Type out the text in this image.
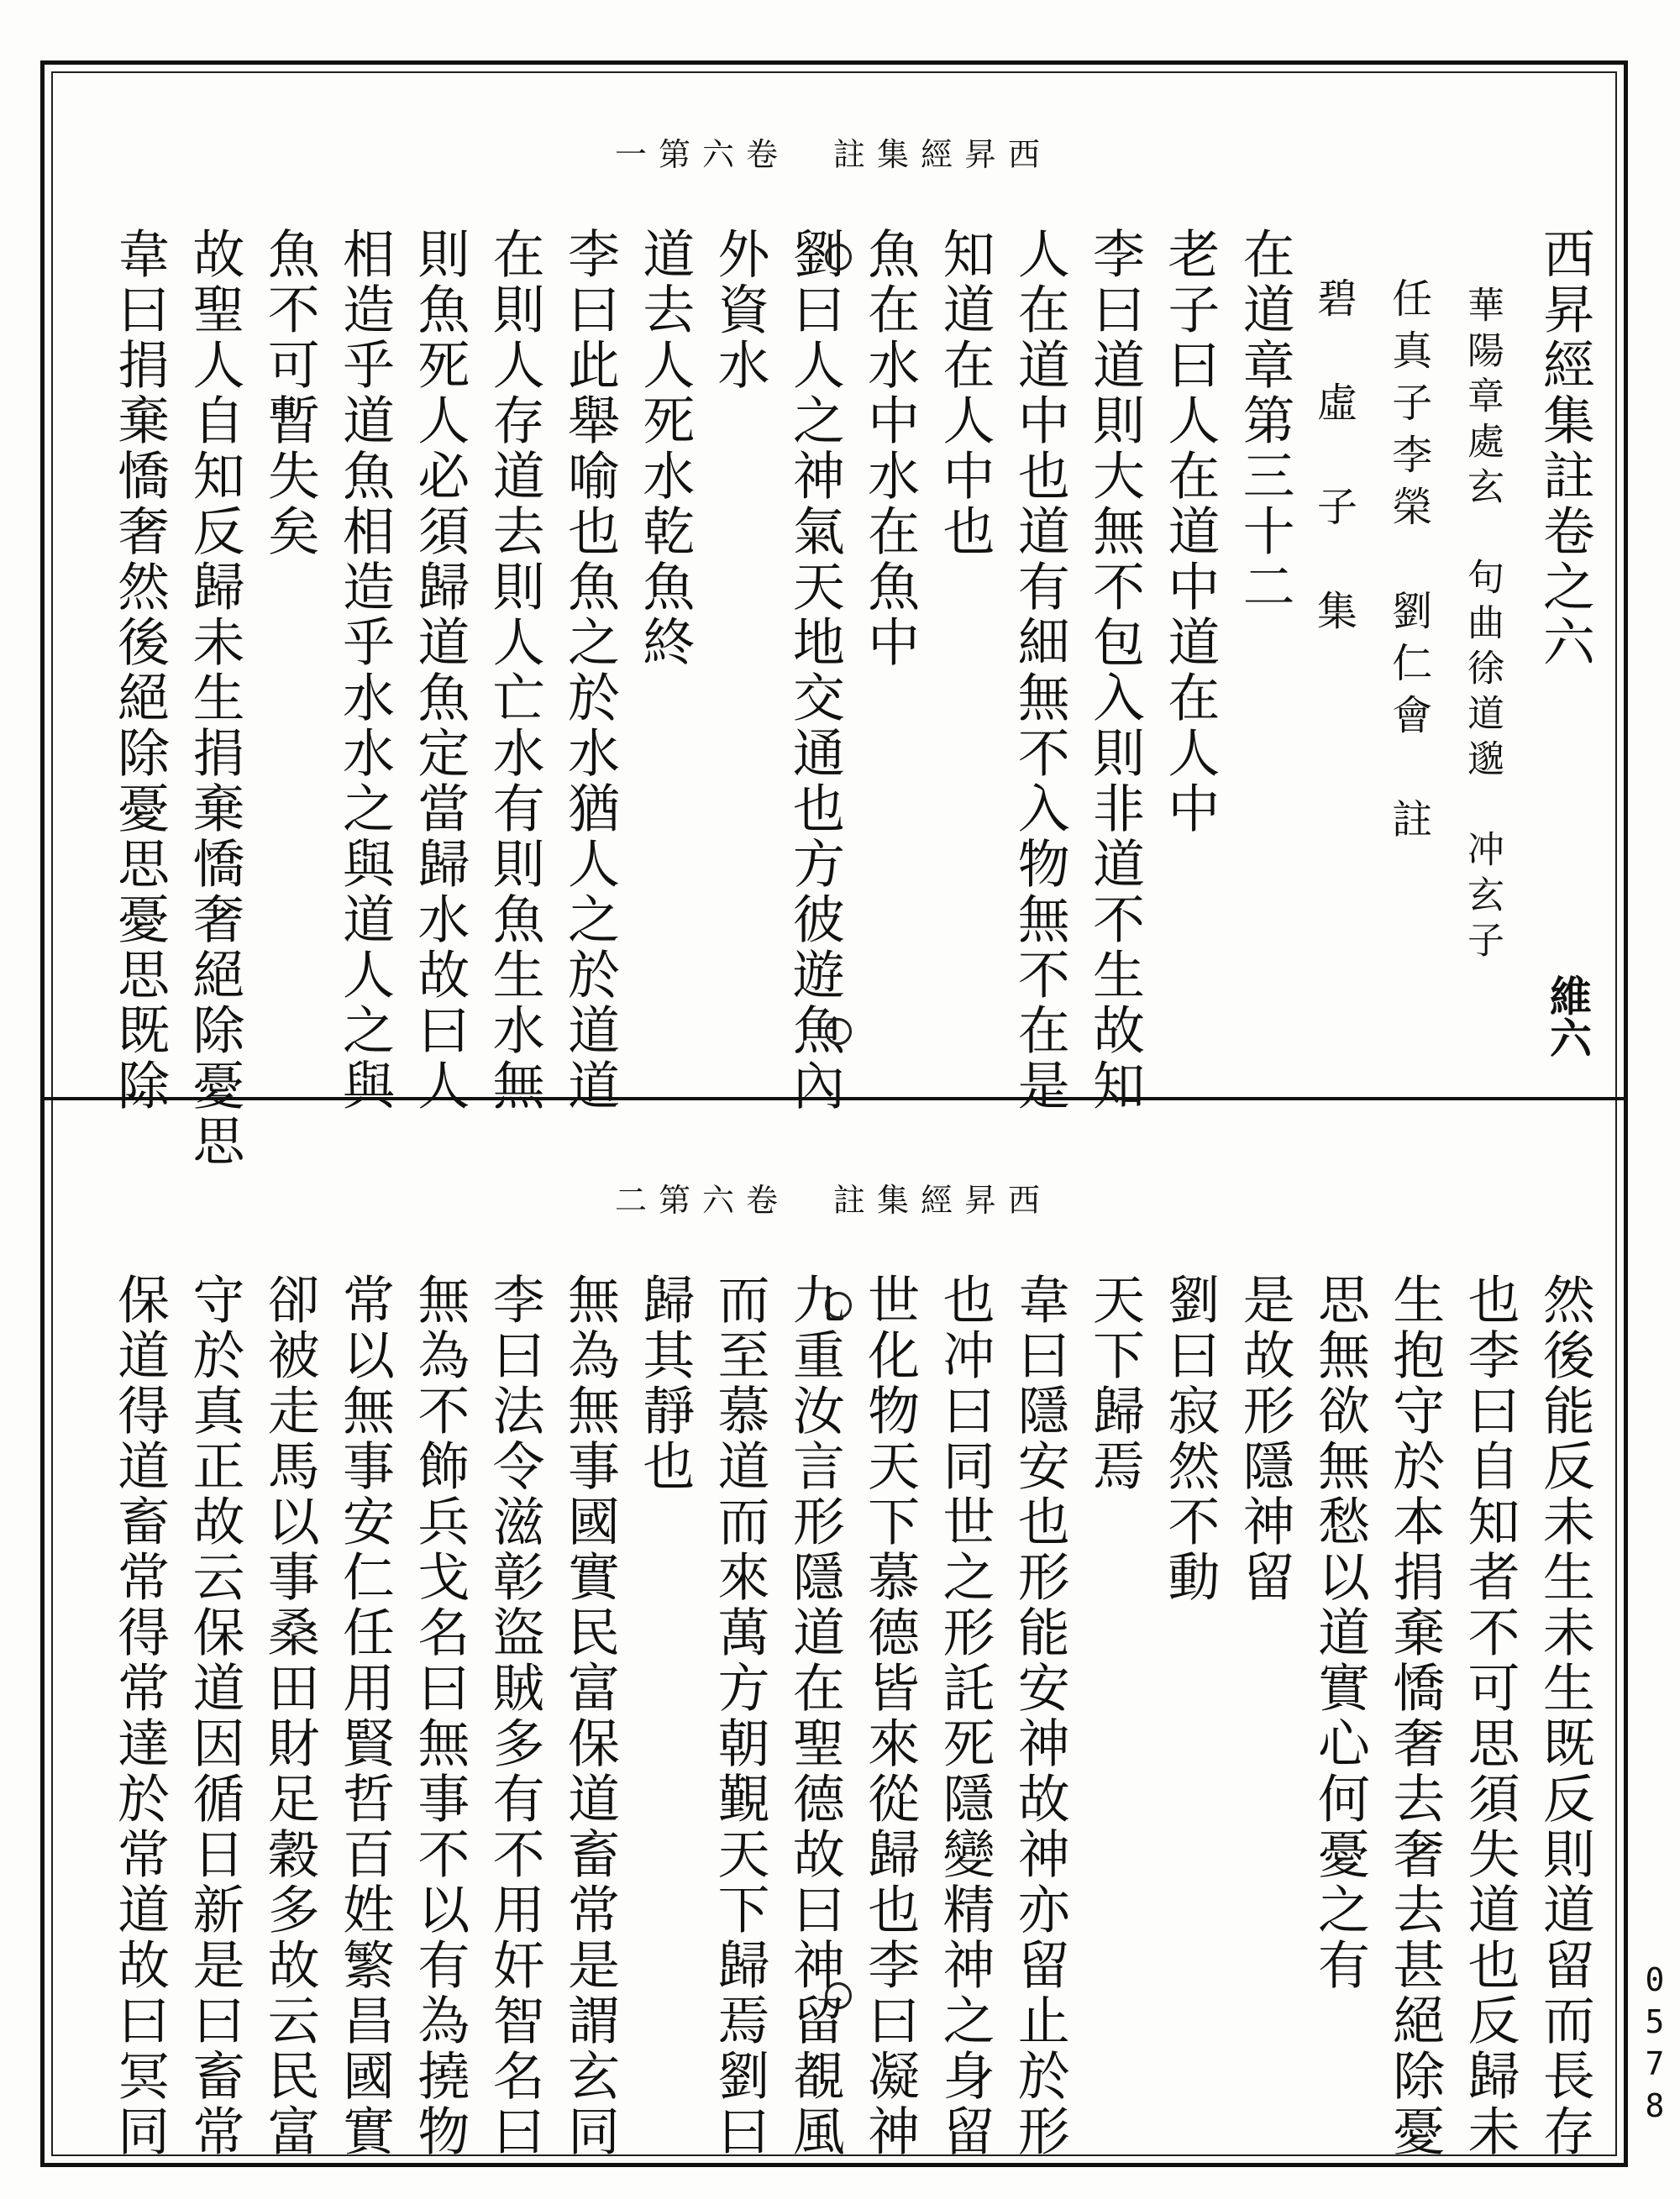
維六
西昇經集註　卷六第一
西昇經集註卷之六
華陽章處玄　句曲徐道邈　冲玄子
任真子李榮　劉仁會　註
碧　虛　子　集
在道章第三十二
老子曰人在道中道在人中
李曰道則大無不包入則非道不生故知
人在道中也道有細無不入物無不在是
知道在人中也
魚在水中水在魚中
劉曰人之神氣天地交通也方彼遊魚內
外資水
道去人死水乾魚終
李曰此舉喻也魚之於水猶人之於道道
在則人存道去則人亡水有則魚生水無
則魚死人必須歸道魚定當歸水故曰人
相造乎道魚相造乎水水之與道人之與
魚不可暫失矣
故聖人自知反歸未生捐棄憍奢絕除憂思
韋曰捐棄憍奢然後絕除憂思憂思既除
西昇經集註　卷六第二
然後能反未生未生既反則道留而長存
也李曰自知者不可思須失道也反歸未
生抱守於本捐棄憍奢去奢去甚絕除憂
思無欲無愁以道實心何憂之有
是故形隱神留
劉曰寂然不動
天下歸焉
韋曰隱安也形能安神故神亦留止於形
也冲曰同世之形託死隱變精神之身留
世化物天下慕德皆來從歸也李曰凝神
九重汝言形隱道在聖德故曰神留覩風
而至慕道而來萬方朝覲天下歸焉劉曰
歸其靜也
無為無事國實民富保道畜常是謂玄同
李曰法令滋彰盜賊多有不用奸智名曰
無為不飾兵戈名曰無事不以有為撓物
常以無事安仁任用賢哲百姓繁昌國實
卻被走馬以事桑田財足穀多故云民富
守於真正故云保道因循日新是曰畜常
保道得道畜常得常達於常道故曰冥同	0578
